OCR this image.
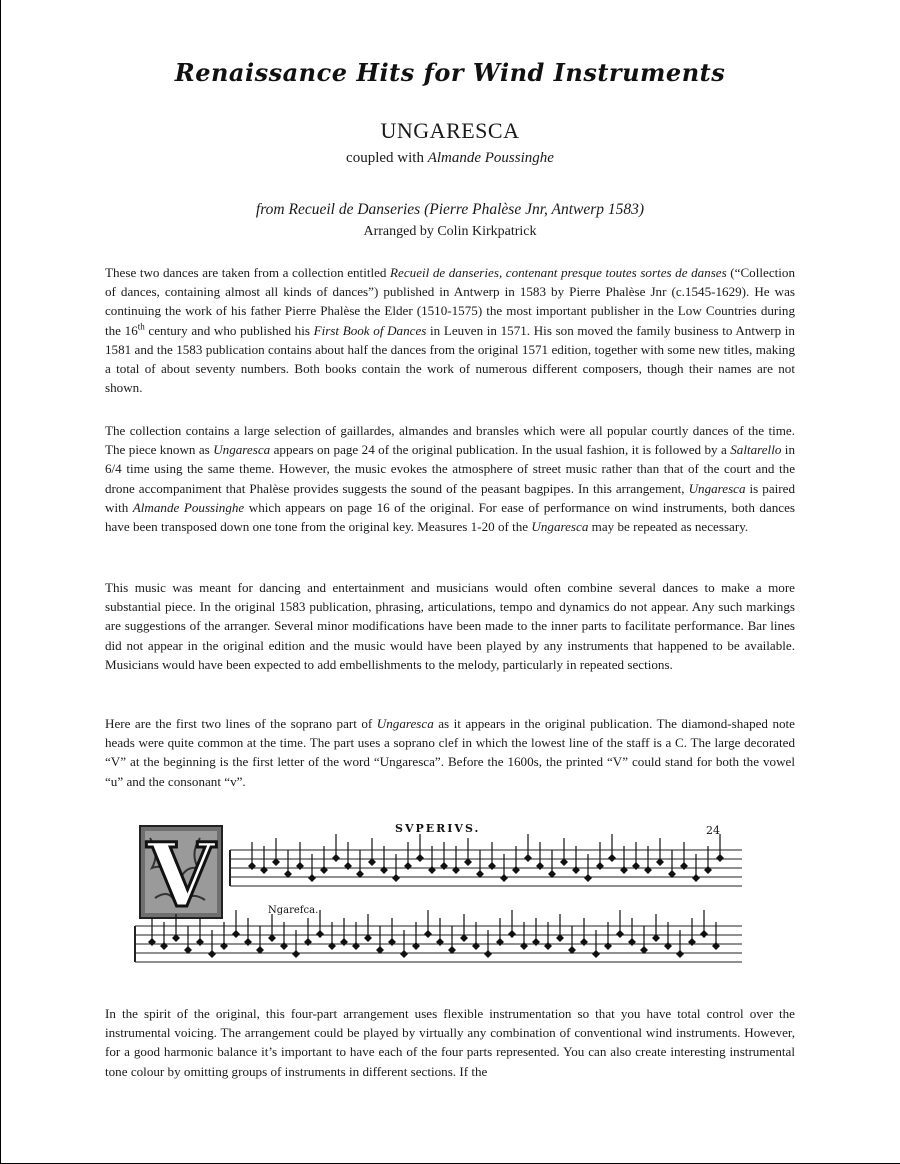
Renaissance Hits for Wind Instruments
UNGARESCA
coupled with Almande Poussinghe
from Recueil de Danseries (Pierre Phalèse Jnr, Antwerp 1583)
Arranged by Colin Kirkpatrick
These two dances are taken from a collection entitled Recueil de danseries, contenant presque toutes sortes de danses (“Collection of dances, containing almost all kinds of dances”) published in Antwerp in 1583 by Pierre Phalèse Jnr (c.1545-1629). He was continuing the work of his father Pierre Phalèse the Elder (1510-1575) the most important publisher in the Low Countries during the 16th century and who published his First Book of Dances in Leuven in 1571. His son moved the family business to Antwerp in 1581 and the 1583 publication contains about half the dances from the original 1571 edition, together with some new titles, making a total of about seventy numbers. Both books contain the work of numerous different composers, though their names are not shown.
The collection contains a large selection of gaillardes, almandes and bransles which were all popular courtly dances of the time. The piece known as Ungaresca appears on page 24 of the original publication. In the usual fashion, it is followed by a Saltarello in 6/4 time using the same theme. However, the music evokes the atmosphere of street music rather than that of the court and the drone accompaniment that Phalèse provides suggests the sound of the peasant bagpipes. In this arrangement, Ungaresca is paired with Almande Poussinghe which appears on page 16 of the original. For ease of performance on wind instruments, both dances have been transposed down one tone from the original key. Measures 1-20 of the Ungaresca may be repeated as necessary.
This music was meant for dancing and entertainment and musicians would often combine several dances to make a more substantial piece. In the original 1583 publication, phrasing, articulations, tempo and dynamics do not appear. Any such markings are suggestions of the arranger. Several minor modifications have been made to the inner parts to facilitate performance. Bar lines did not appear in the original edition and the music would have been played by any instruments that happened to be available. Musicians would have been expected to add embellishments to the melody, particularly in repeated sections.
Here are the first two lines of the soprano part of Ungaresca as it appears in the original publication. The diamond-shaped note heads were quite common at the time. The part uses a soprano clef in which the lowest line of the staff is a C. The large decorated “V” at the beginning is the first letter of the word “Ungaresca”. Before the 1600s, the printed “V” could stand for both the vowel “u” and the consonant “v”.
V	SVPERIVS.	24
Ngarefca.
In the spirit of the original, this four-part arrangement uses flexible instrumentation so that you have total control over the instrumental voicing. The arrangement could be played by virtually any combination of conventional wind instruments. However, for a good harmonic balance it’s important to have each of the four parts represented. You can also create interesting instrumental tone colour by omitting groups of instruments in different sections. If the
